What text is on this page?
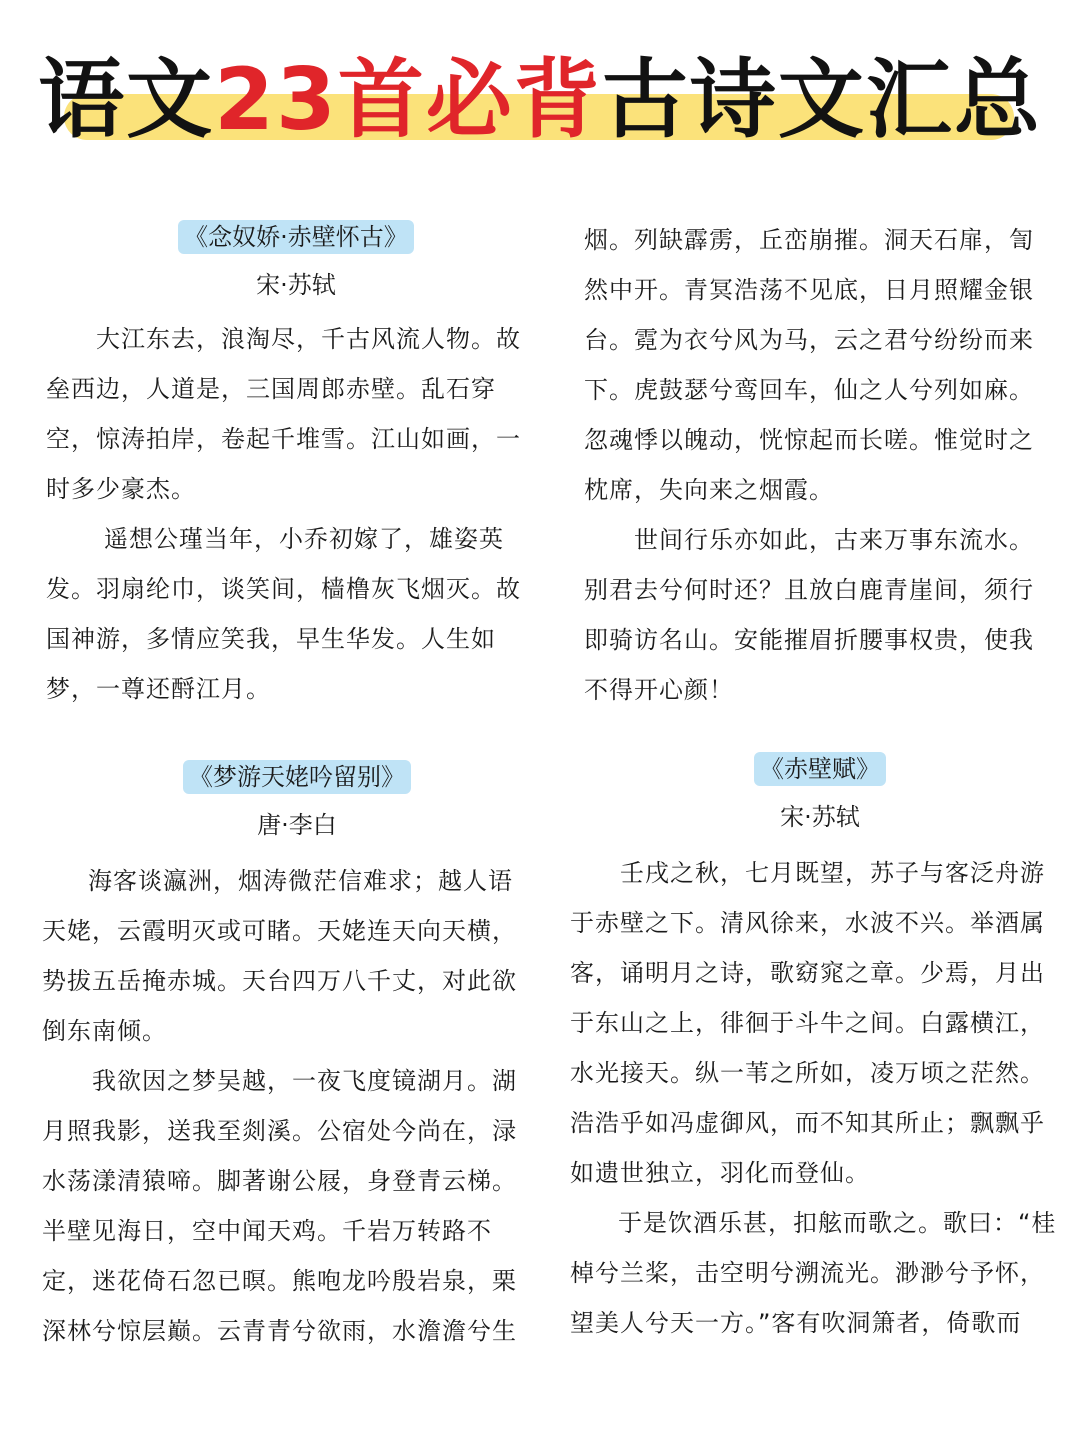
语文23首必背古诗文汇总
《念奴娇·赤壁怀古》
宋·苏轼
大江东去，浪淘尽，千古风流人物。故
垒西边，人道是，三国周郎赤壁。乱石穿
空，惊涛拍岸，卷起千堆雪。江山如画，一
时多少豪杰。
遥想公瑾当年，小乔初嫁了，雄姿英
发。羽扇纶巾，谈笑间，樯橹灰飞烟灭。故
国神游，多情应笑我，早生华发。人生如
梦，一尊还酹江月。
《梦游天姥吟留别》
唐·李白
海客谈瀛洲，烟涛微茫信难求；越人语
天姥，云霞明灭或可睹。天姥连天向天横，
势拔五岳掩赤城。天台四万八千丈，对此欲
倒东南倾。
我欲因之梦吴越，一夜飞度镜湖月。湖
月照我影，送我至剡溪。公宿处今尚在，渌
水荡漾清猿啼。脚著谢公屐，身登青云梯。
半壁见海日，空中闻天鸡。千岩万转路不
定，迷花倚石忽已暝。熊咆龙吟殷岩泉，栗
深林兮惊层巅。云青青兮欲雨，水澹澹兮生
烟。列缺霹雳，丘峦崩摧。洞天石扉，訇
然中开。青冥浩荡不见底，日月照耀金银
台。霓为衣兮风为马，云之君兮纷纷而来
下。虎鼓瑟兮鸾回车，仙之人兮列如麻。
忽魂悸以魄动，恍惊起而长嗟。惟觉时之
枕席，失向来之烟霞。
世间行乐亦如此，古来万事东流水。
别君去兮何时还？且放白鹿青崖间，须行
即骑访名山。安能摧眉折腰事权贵，使我
不得开心颜！
《赤壁赋》
宋·苏轼
壬戌之秋，七月既望，苏子与客泛舟游
于赤壁之下。清风徐来，水波不兴。举酒属
客，诵明月之诗，歌窈窕之章。少焉，月出
于东山之上，徘徊于斗牛之间。白露横江，
水光接天。纵一苇之所如，凌万顷之茫然。
浩浩乎如冯虚御风，而不知其所止；飘飘乎
如遗世独立，羽化而登仙。
于是饮酒乐甚，扣舷而歌之。歌曰：“桂
棹兮兰桨，击空明兮溯流光。渺渺兮予怀，
望美人兮天一方。”客有吹洞箫者，倚歌而
